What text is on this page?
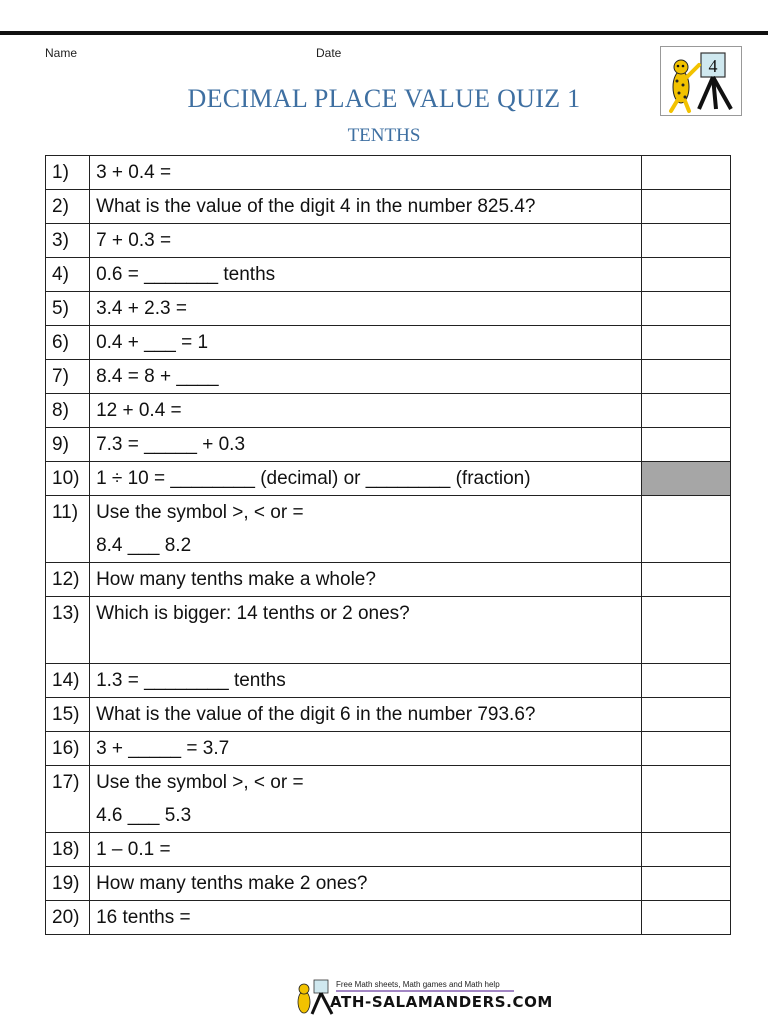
Name	Date
4
DECIMAL PLACE VALUE QUIZ 1
TENTHS
1)	3 + 0.4 =	

2)	What is the value of the digit 4 in the number 825.4?	

3)	7 + 0.3 =	

4)	0.6 = _______ tenths	

5)	3.4 + 2.3 =	

6)	0.4 + ___ = 1	

7)	8.4 = 8 + ____	

8)	12 + 0.4 =	

9)	7.3 = _____ + 0.3	

10)	1 ÷ 10 = ________ (decimal) or ________ (fraction)	

11)	Use the symbol >, < or =
8.4 ___ 8.2	

12)	How many tenths make a whole?	

13)	Which is bigger: 14 tenths or 2 ones?	

14)	1.3 = ________ tenths	

15)	What is the value of the digit 6 in the number 793.6?	

16)	3 + _____ = 3.7	

17)	Use the symbol >, < or =
4.6 ___ 5.3	

18)	1 – 0.1 =	

19)	How many tenths make 2 ones?	

20)	16 tenths =	

Free Math sheets, Math games and Math help
ATH-SALAMANDERS.COM
